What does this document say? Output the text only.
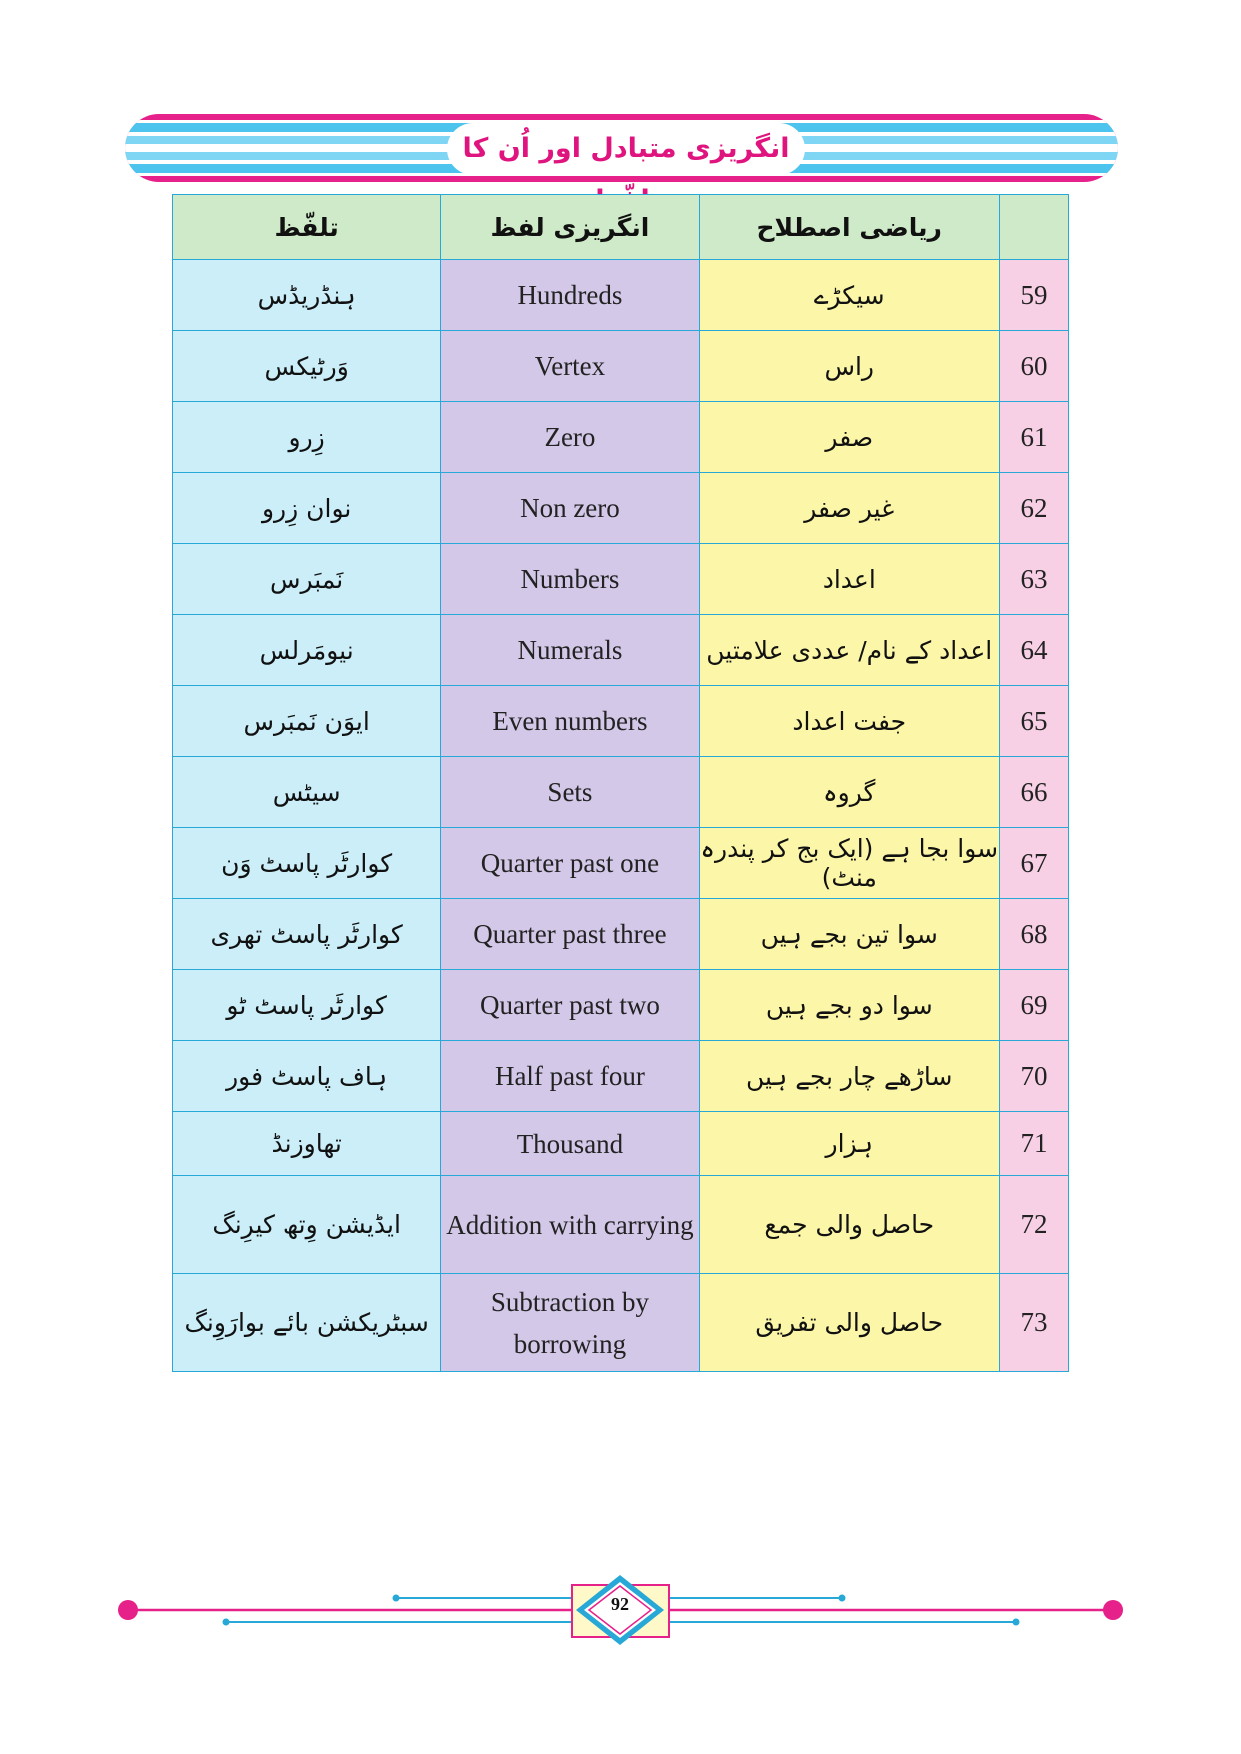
انگریزی متبادل اور اُن کا
تلفّظ	انگریزی لفظ	ریاضی اصطلاح	
ہنڈریڈس	Hundreds	سیکڑے	59
وَرٹیکس	Vertex	راس	60
زِرو	Zero	صفر	61
نوان زِرو	Non zero	غیر صفر	62
نَمبَرس	Numbers	اعداد	63
نیومَرلس	Numerals	اعداد کے نام/ عددی علامتیں	64
ایوَن نَمبَرس	Even numbers	جفت اعداد	65
سیٹس	Sets	گروہ	66
کوارٹَر پاسٹ وَن	Quarter past one	سوا بجا ہے (ایک بج کر پندرہ منٹ)	67
کوارٹَر پاسٹ تھری	Quarter past three	سوا تین بجے ہیں	68
کوارٹَر پاسٹ ٹو	Quarter past two	سوا دو بجے ہیں	69
ہاف پاسٹ فور	Half past four	ساڑھے چار بجے ہیں	70
تھاوزنڈ	Thousand	ہزار	71
ایڈیشن وِتھ کیرِنگ	Addition with carrying	حاصل والی جمع	72
سبٹریکشن بائے بوارَوِنگ	Subtraction by borrowing	حاصل والی تفریق	73
92
